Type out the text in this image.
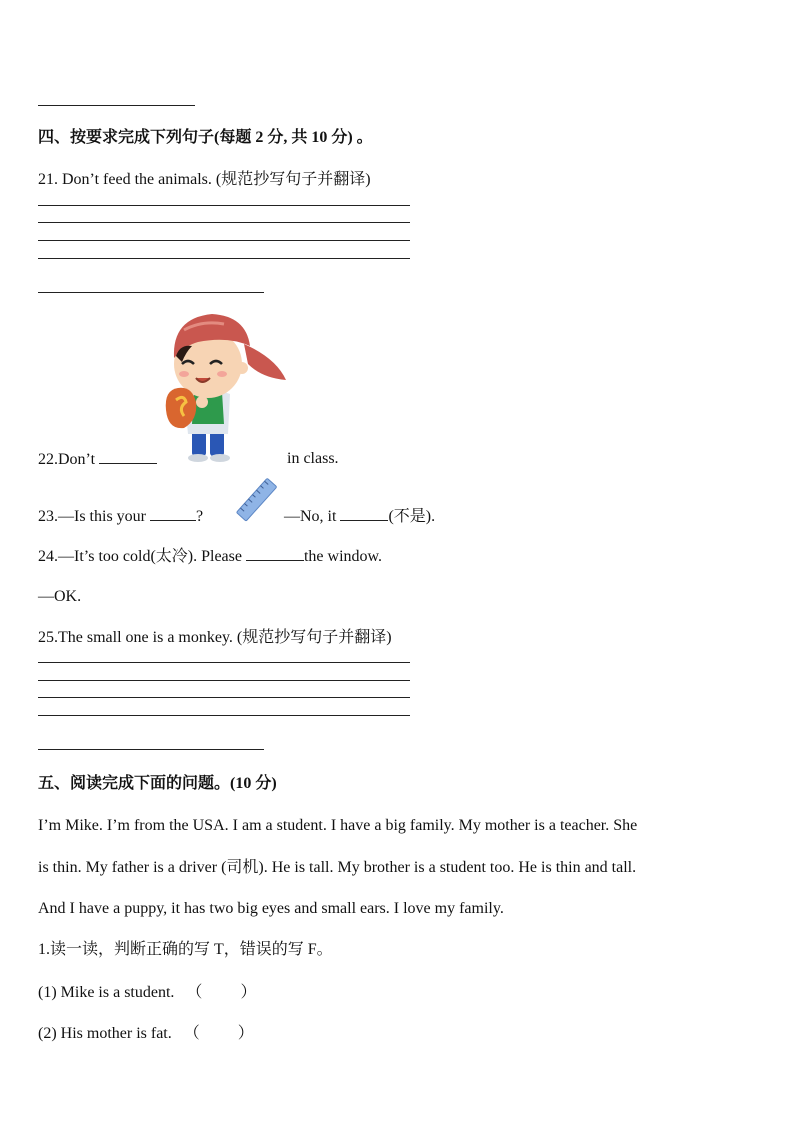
四、按要求完成下列句子(每题 2 分, 共 10 分) 。
21. Don’t feed the animals. (规范抄写句子并翻译)
22.Don’t	in class.
23.—Is this your	?	—No, it	(不是).
24.—It’s too cold(太冷). Please	the window.
—OK.
25.The small one is a monkey. (规范抄写句子并翻译)
五、阅读完成下面的问题。(10 分)
I’m Mike. I’m from the USA. I am a student. I have a big family. My mother is a teacher. She
is thin. My father is a driver (司机). He is tall. My brother is a student too. He is thin and tall.
And I have a puppy, it has two big eyes and small ears. I love my family.
1.读一读，判断正确的写 T，错误的写 F。
(1) Mike is a student. （ ）
(2) His mother is fat. （ ）
